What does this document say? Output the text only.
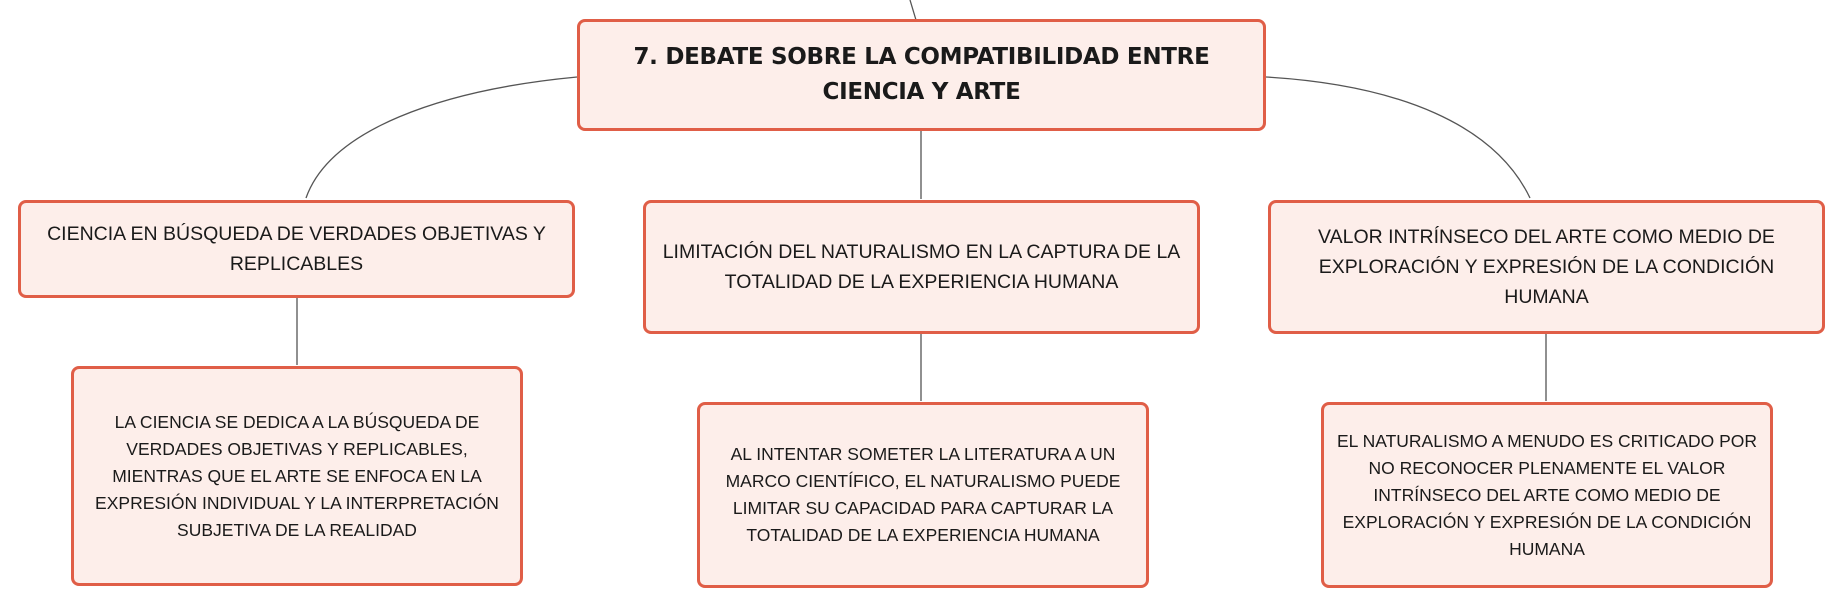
7. DEBATE SOBRE LA COMPATIBILIDAD ENTRE CIENCIA Y ARTE
CIENCIA EN BÚSQUEDA DE VERDADES OBJETIVAS Y REPLICABLES
LIMITACIÓN DEL NATURALISMO EN LA CAPTURA DE LA TOTALIDAD DE LA EXPERIENCIA HUMANA
VALOR INTRÍNSECO DEL ARTE COMO MEDIO DE EXPLORACIÓN Y EXPRESIÓN DE LA CONDICIÓN HUMANA
LA CIENCIA SE DEDICA A LA BÚSQUEDA DE VERDADES OBJETIVAS Y REPLICABLES, MIENTRAS QUE EL ARTE SE ENFOCA EN LA EXPRESIÓN INDIVIDUAL Y LA INTERPRETACIÓN SUBJETIVA DE LA REALIDAD
AL INTENTAR SOMETER LA LITERATURA A UN MARCO CIENTÍFICO, EL NATURALISMO PUEDE LIMITAR SU CAPACIDAD PARA CAPTURAR LA TOTALIDAD DE LA EXPERIENCIA HUMANA
EL NATURALISMO A MENUDO ES CRITICADO POR NO RECONOCER PLENAMENTE EL VALOR INTRÍNSECO DEL ARTE COMO MEDIO DE EXPLORACIÓN Y EXPRESIÓN DE LA CONDICIÓN HUMANA
